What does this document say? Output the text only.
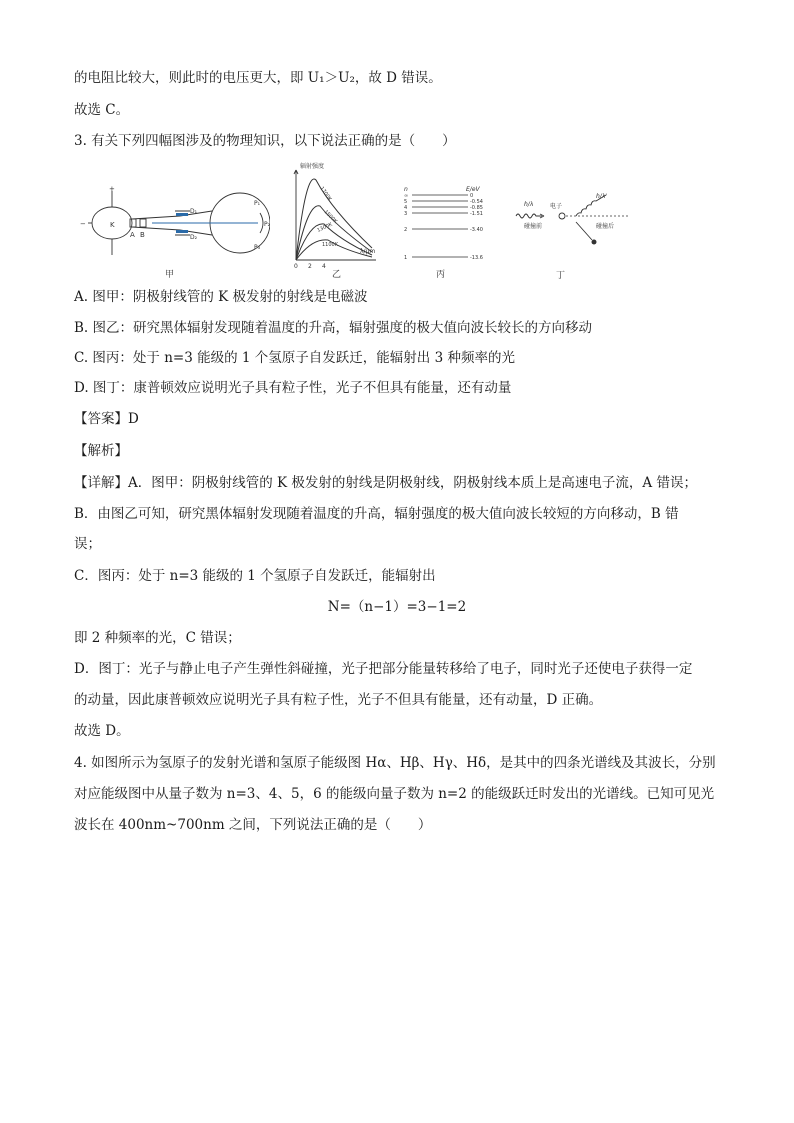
的电阻比较大，则此时的电压更大，即 U₁＞U₂，故 D 错误。
故选 C。
3. 有关下列四幅图涉及的物理知识，以下说法正确的是（　　）
K
A B
D₁
D₂
P₁
P₂
P₃
+
−
甲
辐射强度
λ/μm
0 2 4
1700K
1500K
1300K
1100K
乙
n	E/eV
∞	0
5	-0.54
4	-0.85
3	-1.51
2	-3.40
1	-13.6
丙
h/λ
h/λ'
电子
碰撞前	碰撞后
丁
A. 图甲：阴极射线管的 K 极发射的射线是电磁波
B. 图乙：研究黑体辐射发现随着温度的升高，辐射强度的极大值向波长较长的方向移动
C. 图丙：处于 n=3 能级的 1 个氢原子自发跃迁，能辐射出 3 种频率的光
D. 图丁：康普顿效应说明光子具有粒子性，光子不但具有能量，还有动量
【答案】D
【解析】
【详解】A．图甲：阴极射线管的 K 极发射的射线是阴极射线，阴极射线本质上是高速电子流，A 错误；
B．由图乙可知，研究黑体辐射发现随着温度的升高，辐射强度的极大值向波长较短的方向移动，B 错
误；
C．图丙：处于 n=3 能级的 1 个氢原子自发跃迁，能辐射出
N=（n−1）=3−1=2
即 2 种频率的光，C 错误；
D．图丁：光子与静止电子产生弹性斜碰撞，光子把部分能量转移给了电子，同时光子还使电子获得一定
的动量，因此康普顿效应说明光子具有粒子性，光子不但具有能量，还有动量，D 正确。
故选 D。
4. 如图所示为氢原子的发射光谱和氢原子能级图 Hα、Hβ、Hγ、Hδ，是其中的四条光谱线及其波长，分别
对应能级图中从量子数为 n=3、4、5，6 的能级向量子数为 n=2 的能级跃迁时发出的光谱线。已知可见光
波长在 400nm~700nm 之间，下列说法正确的是（　　）
